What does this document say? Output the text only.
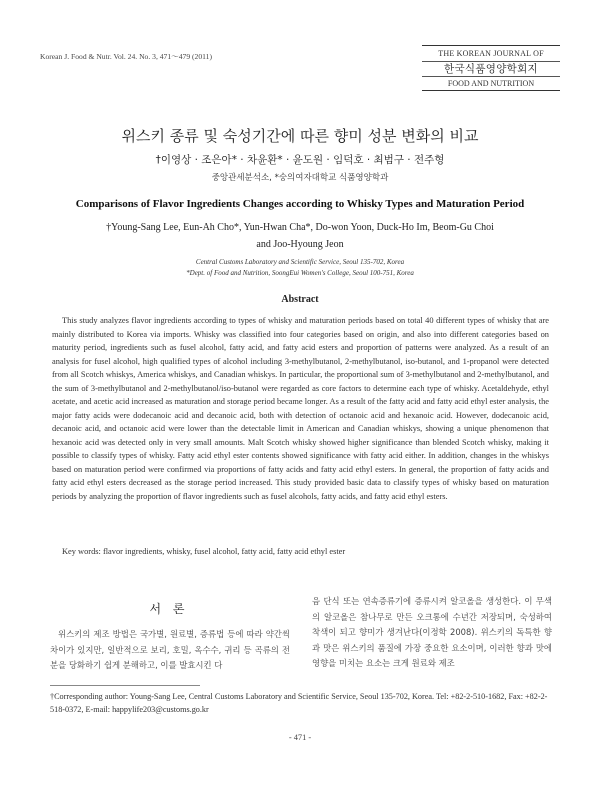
Korean J. Food & Nutr. Vol. 24. No. 3, 471～479 (2011)	THE KOREAN JOURNAL OF
한국식품영양학회지
FOOD AND NUTRITION
위스키 종류 및 숙성기간에 따른 향미 성분 변화의 비교
†이영상 · 조은아* · 차윤환* · 윤도원 · 임덕호 · 최범구 · 전주형
중앙관세분석소, *숭의여자대학교 식품영양학과
Comparisons of Flavor Ingredients Changes according to Whisky Types and Maturation Period
†Young-Sang Lee, Eun-Ah Cho*, Yun-Hwan Cha*, Do-won Yoon, Duck-Ho Im, Beom-Gu Choi
and Joo-Hyoung Jeon
Central Customs Laboratory and Scientific Service, Seoul 135-702, Korea
*Dept. of Food and Nutrition, SoongEui Women's College, Seoul 100-751, Korea
Abstract
This study analyzes flavor ingredients according to types of whisky and maturation periods based on total 40 different types of whisky that are mainly distributed to Korea via imports. Whisky was classified into four categories based on origin, and also into different categories based on maturity period, ingredients such as fusel alcohol, fatty acid, and fatty acid esters and proportion of patterns were analyzed. As a result of an analysis for fusel alcohol, high qualified types of alcohol including 3-methylbutanol, 2-methylbutanol, iso-butanol, and 1-propanol were detected from all Scotch whiskys, America whiskys, and Canadian whiskys. In particular, the proportional sum of 3-methylbutanol and 2-methylbutanol, and the sum of 3-methylbutanol and 2-methylbutanol/iso-butanol were regarded as core factors to determine each type of whisky. Acetaldehyde, ethyl acetate, and acetic acid increased as maturation and storage period became longer. As a result of the fatty acid and fatty acid ethyl ester analysis, the major fatty acids were dodecanoic acid and decanoic acid, both with detection of octanoic acid and hexanoic acid. However, dodecanoic acid, decanoic acid, and octanoic acid were lower than the detectable limit in American and Canadian whiskys, showing a unique phenomenon that hexanoic acid was detected only in very small amounts. Malt Scotch whisky showed higher significance than blended Scotch whisky, making it possible to classify types of whisky. Fatty acid ethyl ester contents showed significance with fatty acid either. In addition, changes in the whiskys based on maturation period were confirmed via proportions of fatty acids and fatty acid ethyl esters. In general, the proportion of fatty acids and fatty acid ethyl esters decreased as the storage period increased. This study provided basic data to classify types of whisky based on maturation periods by analyzing the proportion of flavor ingredients such as fusel alcohols, fatty acids, and fatty acid ethyl esters.
Key words: flavor ingredients, whisky, fusel alcohol, fatty acid, fatty acid ethyl ester
서 론
위스키의 제조 방법은 국가별, 원료별, 증류법 등에 따라 약간씩 차이가 있지만, 일반적으로 보리, 호밀, 옥수수, 귀리 등 곡류의 전분을 당화하기 쉽게 분해하고, 이를 발효시킨 다
음 단식 또는 연속증류기에 증류시켜 알코올을 생성한다. 이 무색의 알코올은 참나무로 만든 오크통에 수년간 저장되며, 숙성하여 착색이 되고 향미가 생겨난다(이정학 2008). 위스키의 독특한 향과 맛은 위스키의 품질에 가장 중요한 요소이며, 이러한 향과 맛에 영향을 미치는 요소는 크게 원료와 제조
†Corresponding author: Young-Sang Lee, Central Customs Laboratory and Scientific Service, Seoul 135-702, Korea. Tel: +82-2-510-1682, Fax: +82-2-518-0372, E-mail: happylife203@customs.go.kr
- 471 -
